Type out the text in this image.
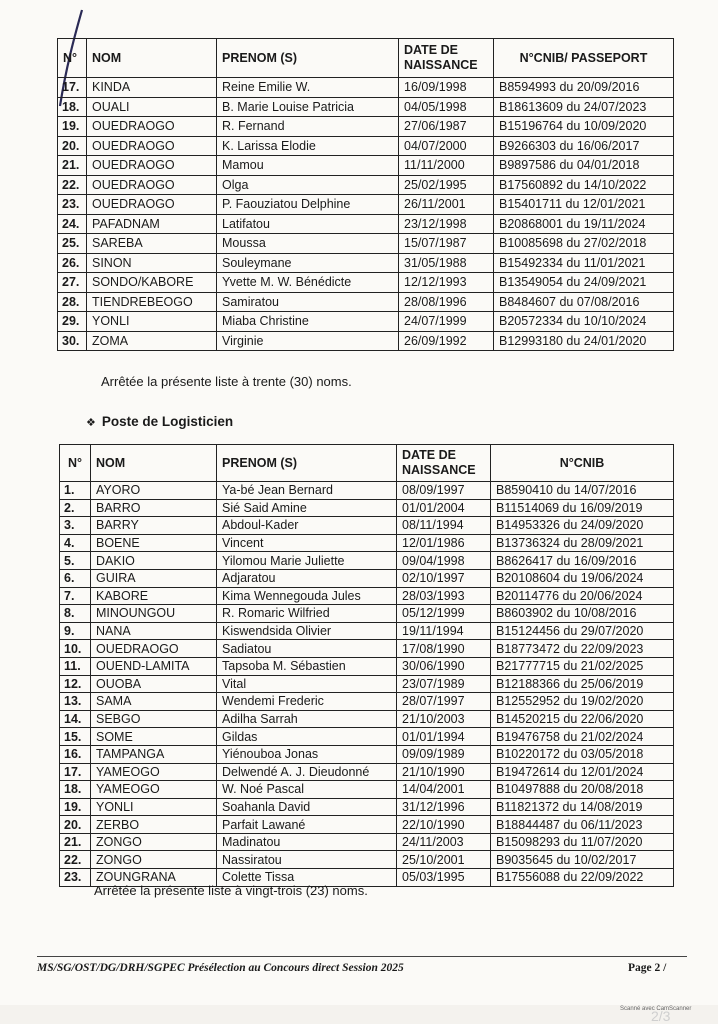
N°	NOM	PRENOM (S)	DATE DE NAISSANCE	N°CNIB/ PASSEPORT
17.	KINDA	Reine Emilie W.	16/09/1998	B8594993 du 20/09/2016
18.	OUALI	B. Marie Louise Patricia	04/05/1998	B18613609 du 24/07/2023
19.	OUEDRAOGO	R. Fernand	27/06/1987	B15196764 du 10/09/2020
20.	OUEDRAOGO	K. Larissa Elodie	04/07/2000	B9266303 du 16/06/2017
21.	OUEDRAOGO	Mamou	11/11/2000	B9897586 du 04/01/2018
22.	OUEDRAOGO	Olga	25/02/1995	B17560892 du 14/10/2022
23.	OUEDRAOGO	P. Faouziatou Delphine	26/11/2001	B15401711 du 12/01/2021
24.	PAFADNAM	Latifatou	23/12/1998	B20868001 du 19/11/2024
25.	SAREBA	Moussa	15/07/1987	B10085698 du 27/02/2018
26.	SINON	Souleymane	31/05/1988	B15492334 du 11/01/2021
27.	SONDO/KABORE	Yvette M. W. Bénédicte	12/12/1993	B13549054 du 24/09/2021
28.	TIENDREBEOGO	Samiratou	28/08/1996	B8484607 du 07/08/2016
29.	YONLI	Miaba Christine	24/07/1999	B20572334 du 10/10/2024
30.	ZOMA	Virginie	26/09/1992	B12993180 du 24/01/2020
Arrêtée la présente liste à trente (30) noms.
❖ Poste de Logisticien
N°	NOM	PRENOM (S)	DATE DE NAISSANCE	N°CNIB
1.	AYORO	Ya-bé Jean Bernard	08/09/1997	B8590410 du 14/07/2016
2.	BARRO	Sié Said Amine	01/01/2004	B11514069 du 16/09/2019
3.	BARRY	Abdoul-Kader	08/11/1994	B14953326 du 24/09/2020
4.	BOENE	Vincent	12/01/1986	B13736324 du 28/09/2021
5.	DAKIO	Yilomou Marie Juliette	09/04/1998	B8626417 du 16/09/2016
6.	GUIRA	Adjaratou	02/10/1997	B20108604 du 19/06/2024
7.	KABORE	Kima Wennegouda Jules	28/03/1993	B20114776 du 20/06/2024
8.	MINOUNGOU	R. Romaric Wilfried	05/12/1999	B8603902 du 10/08/2016
9.	NANA	Kiswendsida Olivier	19/11/1994	B15124456 du 29/07/2020
10.	OUEDRAOGO	Sadiatou	17/08/1990	B18773472 du 22/09/2023
11.	OUEND-LAMITA	Tapsoba M. Sébastien	30/06/1990	B21777715 du 21/02/2025
12.	OUOBA	Vital	23/07/1989	B12188366 du 25/06/2019
13.	SAMA	Wendemi Frederic	28/07/1997	B12552952 du 19/02/2020
14.	SEBGO	Adilha Sarrah	21/10/2003	B14520215 du 22/06/2020
15.	SOME	Gildas	01/01/1994	B19476758 du 21/02/2024
16.	TAMPANGA	Yiénouboa Jonas	09/09/1989	B10220172 du 03/05/2018
17.	YAMEOGO	Delwendé A. J. Dieudonné	21/10/1990	B19472614 du 12/01/2024
18.	YAMEOGO	W. Noé Pascal	14/04/2001	B10497888 du 20/08/2018
19.	YONLI	Soahanla David	31/12/1996	B11821372 du 14/08/2019
20.	ZERBO	Parfait Lawané	22/10/1990	B18844487 du 06/11/2023
21.	ZONGO	Madinatou	24/11/2003	B15098293 du 11/07/2020
22.	ZONGO	Nassiratou	25/10/2001	B9035645 du 10/02/2017
23.	ZOUNGRANA	Colette Tissa	05/03/1995	B17556088 du 22/09/2022
Arrêtée la présente liste à vingt-trois (23) noms.
MS/SG/OST/DG/DRH/SGPEC Présélection au Concours direct Session 2025	Page 2 /
Scanné avec CamScanner
2/3
